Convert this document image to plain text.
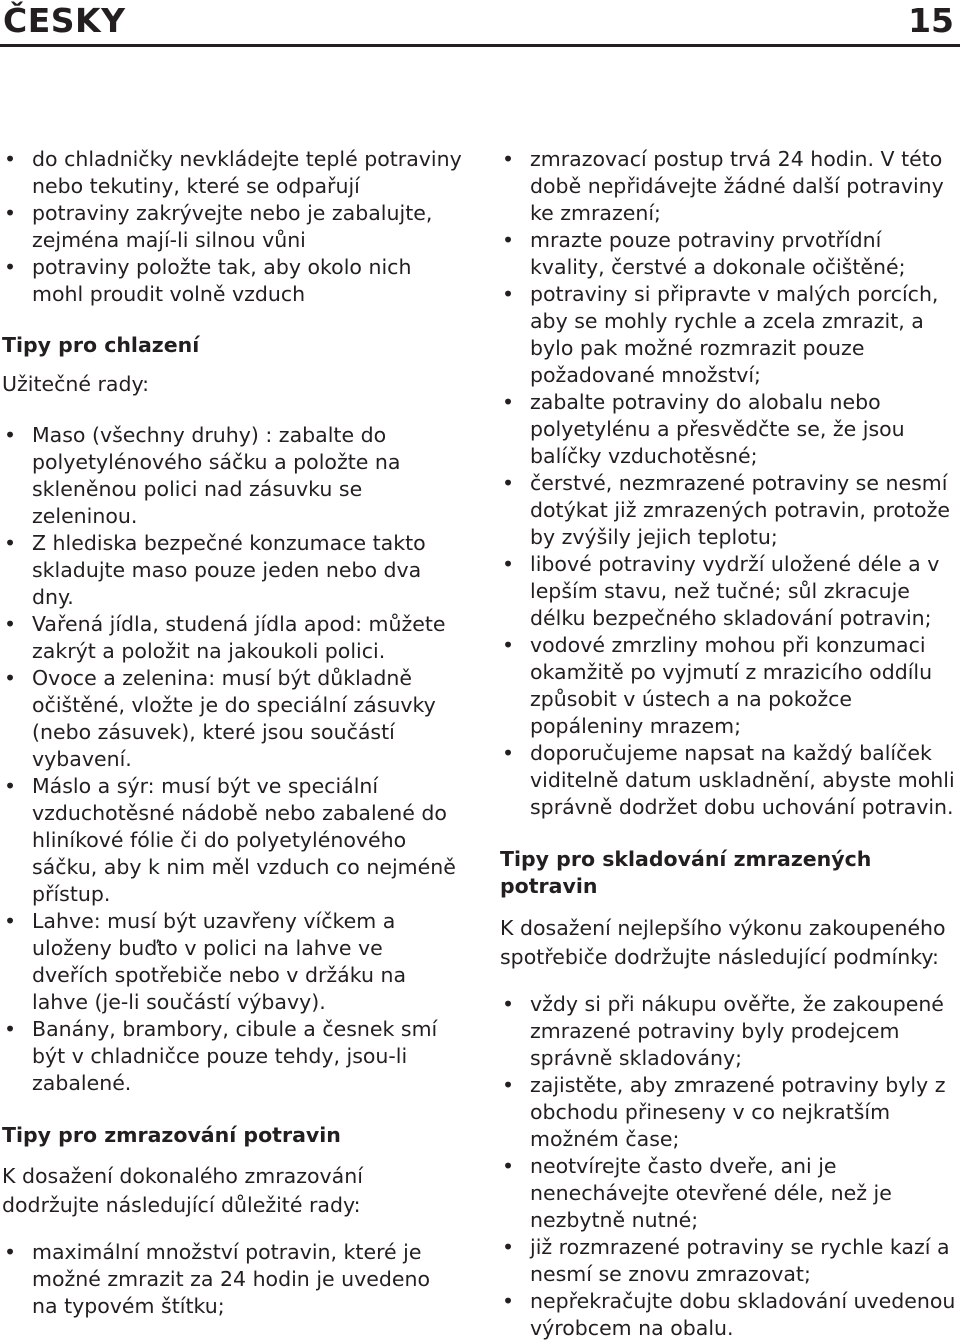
ČESKY	15
• do chladničky nevkládejte teplé potraviny nebo tekutiny, které se odpařují
• potraviny zakrývejte nebo je zabalujte, zejména mají-li silnou vůni
• potraviny položte tak, aby okolo nich mohl proudit volně vzduch
Tipy pro chlazení
Užitečné rady:
• Maso (všechny druhy) : zabalte do polyetylénového sáčku a položte na skleněnou polici nad zásuvku se zeleninou.
• Z hlediska bezpečné konzumace takto skladujte maso pouze jeden nebo dva dny.
• Vařená jídla, studená jídla apod: můžete zakrýt a položit na jakoukoli polici.
• Ovoce a zelenina: musí být důkladně očištěné, vložte je do speciální zásuvky (nebo zásuvek), které jsou součástí vybavení.
• Máslo a sýr: musí být ve speciální vzduchotěsné nádobě nebo zabalené do hliníkové fólie či do polyetylénového sáčku, aby k nim měl vzduch co nejméně přístup.
• Lahve: musí být uzavřeny víčkem a uloženy buďto v polici na lahve ve dveřích spotřebiče nebo v držáku na lahve (je-li součástí výbavy).
• Banány, brambory, cibule a česnek smí být v chladničce pouze tehdy, jsou-li zabalené.
Tipy pro zmrazování potravin
K dosažení dokonalého zmrazování dodržujte následující důležité rady:
• maximální množství potravin, které je možné zmrazit za 24 hodin je uvedeno na typovém štítku;
• zmrazovací postup trvá 24 hodin. V této době nepřidávejte žádné další potraviny ke zmrazení;
• mrazte pouze potraviny prvotřídní kvality, čerstvé a dokonale očištěné;
• potraviny si připravte v malých porcích, aby se mohly rychle a zcela zmrazit, a bylo pak možné rozmrazit pouze požadované množství;
• zabalte potraviny do alobalu nebo polyetylénu a přesvědčte se, že jsou balíčky vzduchotěsné;
• čerstvé, nezmrazené potraviny se nesmí dotýkat již zmrazených potravin, protože by zvýšily jejich teplotu;
• libové potraviny vydrží uložené déle a v lepším stavu, než tučné; sůl zkracuje délku bezpečného skladování potravin;
• vodové zmrzliny mohou při konzumaci okamžitě po vyjmutí z mrazicího oddílu způsobit v ústech a na pokožce popáleniny mrazem;
• doporučujeme napsat na každý balíček viditelně datum uskladnění, abyste mohli správně dodržet dobu uchování potravin.
Tipy pro skladování zmrazených potravin
K dosažení nejlepšího výkonu zakoupeného spotřebiče dodržujte následující podmínky:
• vždy si při nákupu ověřte, že zakoupené zmrazené potraviny byly prodejcem správně skladovány;
• zajistěte, aby zmrazené potraviny byly z obchodu přineseny v co nejkratším možném čase;
• neotvírejte často dveře, ani je nenechávejte otevřené déle, než je nezbytně nutné;
• již rozmrazené potraviny se rychle kazí a nesmí se znovu zmrazovat;
• nepřekračujte dobu skladování uvedenou výrobcem na obalu.
